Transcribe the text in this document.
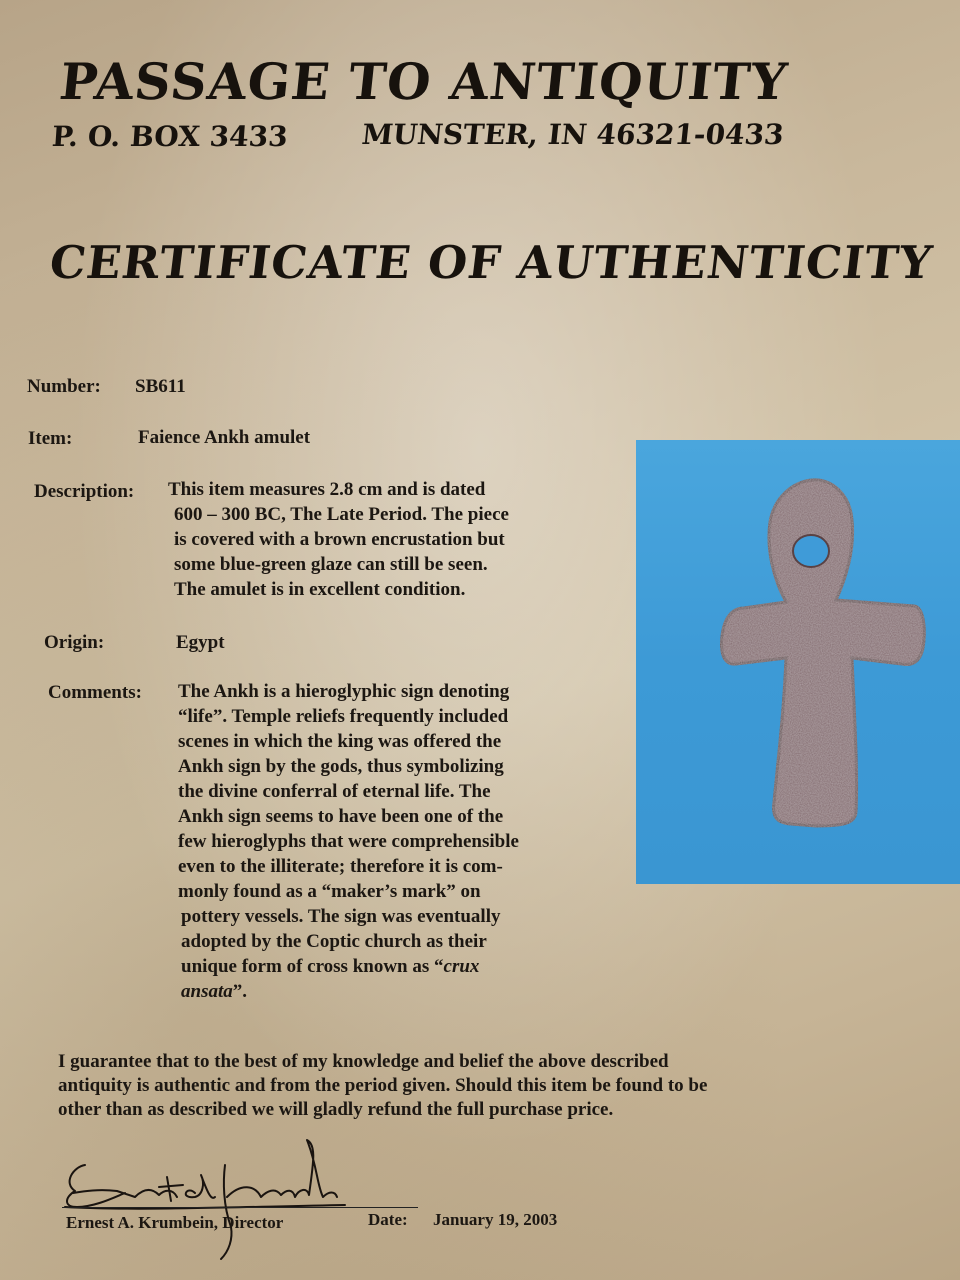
PASSAGE TO ANTIQUITY
P. O. BOX 3433	MUNSTER, IN 46321-0433
CERTIFICATE OF AUTHENTICITY
Number: SB611
Item:	Faience Ankh amulet
Description: This item measures 2.8 cm and is dated

600 – 300 BC, The Late Period. The piece

is covered with a brown encrustation but

some blue-green glaze can still be seen.

The amulet is in excellent condition.

Origin:	Egypt
Comments: The Ankh is a hieroglyphic sign denoting

“life”. Temple reliefs frequently included

scenes in which the king was offered the

Ankh sign by the gods, thus symbolizing

the divine conferral of eternal life. The

Ankh sign seems to have been one of the

few hieroglyphs that were comprehensible

even to the illiterate; therefore it is com-

monly found as a “maker’s mark” on

pottery vessels. The sign was eventually

adopted by the Coptic church as their

unique form of cross known as “crux

ansata”.

I guarantee that to the best of my knowledge and belief the above described

antiquity is authentic and from the period given. Should this item be found to be

other than as described we will gladly refund the full purchase price.

Ernest A. Krumbein, Director	Date: January 19, 2003
